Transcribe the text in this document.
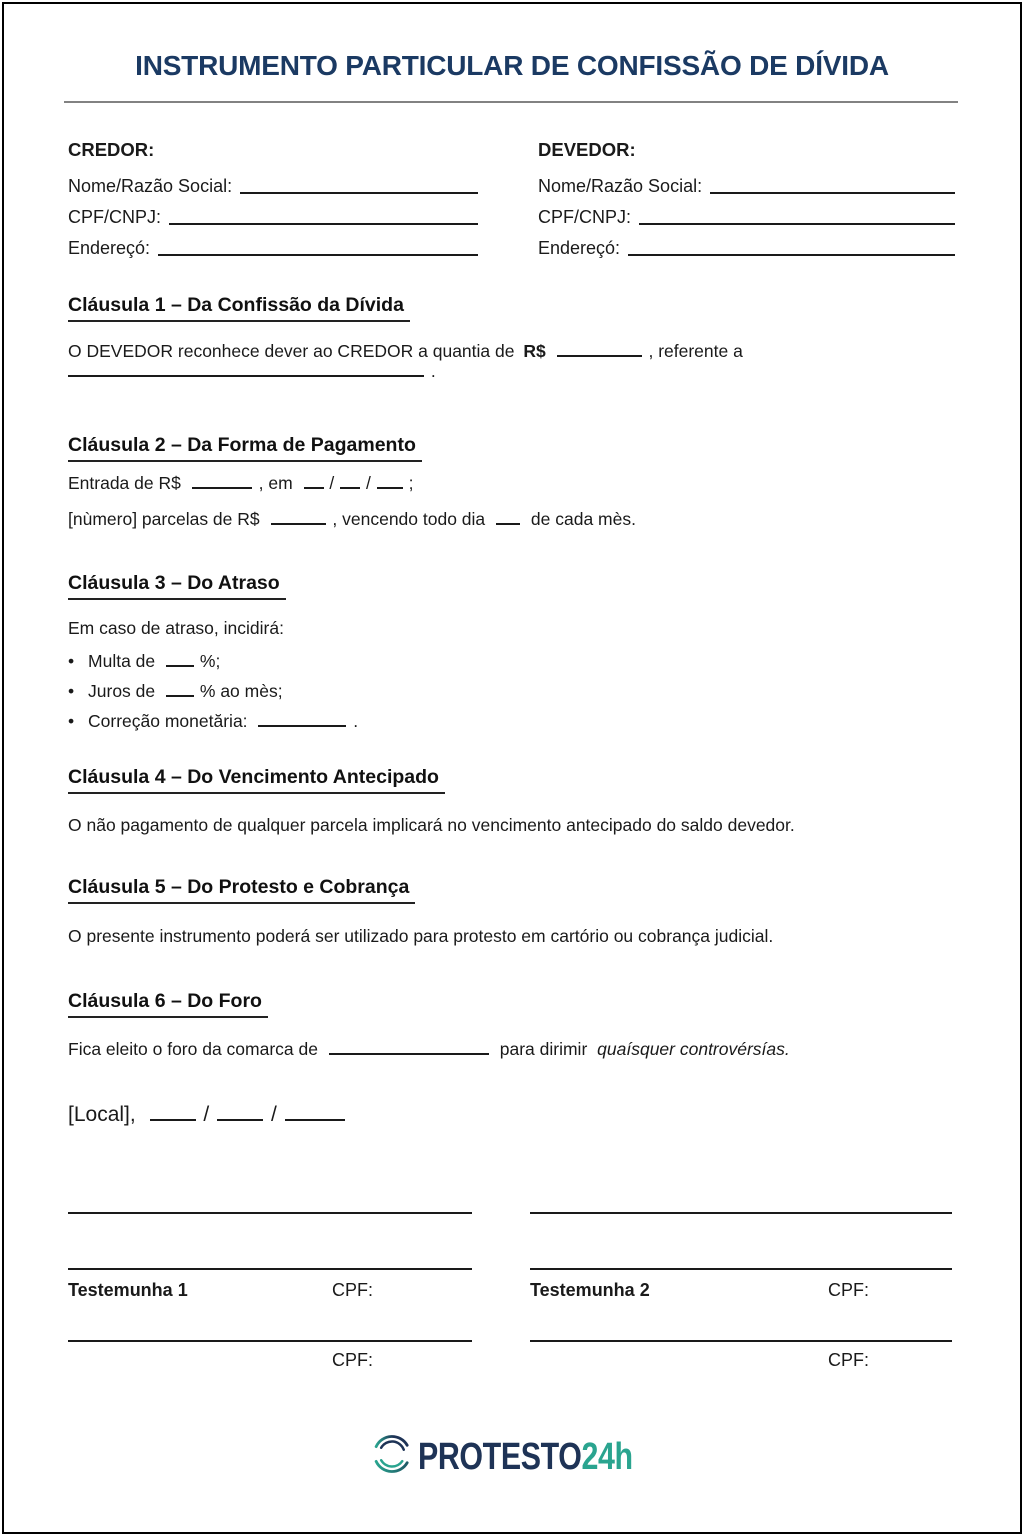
INSTRUMENTO PARTICULAR DE CONFISSÃO DE DÍVIDA
CREDOR:
Nome/Razão Social:
CPF/CNPJ:
Endereçó:
DEVEDOR:
Nome/Razão Social:
CPF/CNPJ:
Endereçó:
Cláusula 1 – Da Confissão da Dívida
O DEVEDOR reconhece dever ao CREDOR a quantia de R$	, referente a
.
Cláusula 2 – Da Forma de Pagamento
Entrada de R$	, em / / ;
[nùmero] parcelas de R$	, vencendo todo dia	de cada mès.
Cláusula 3 – Do Atraso
Em caso de atraso, incidirá:
• Multa de	%;
• Juros de	% ao mès;
• Correção monetăria:	.
Cláusula 4 – Do Vencimento Antecipado
O não pagamento de qualquer parcela implicará no vencimento antecipado do saldo devedor.
Cláusula 5 – Do Protesto e Cobrança
O presente instrumento poderá ser utilizado para protesto em cartório ou cobrança judicial.
Cláusula 6 – Do Foro
Fica eleito o foro da comarca de	para dirimir quaísquer controvérsías.
[Local],	/	/
Testemunha 1	CPF:	Testemunha 2	CPF:
CPF:	CPF:
PROTESTO24h
